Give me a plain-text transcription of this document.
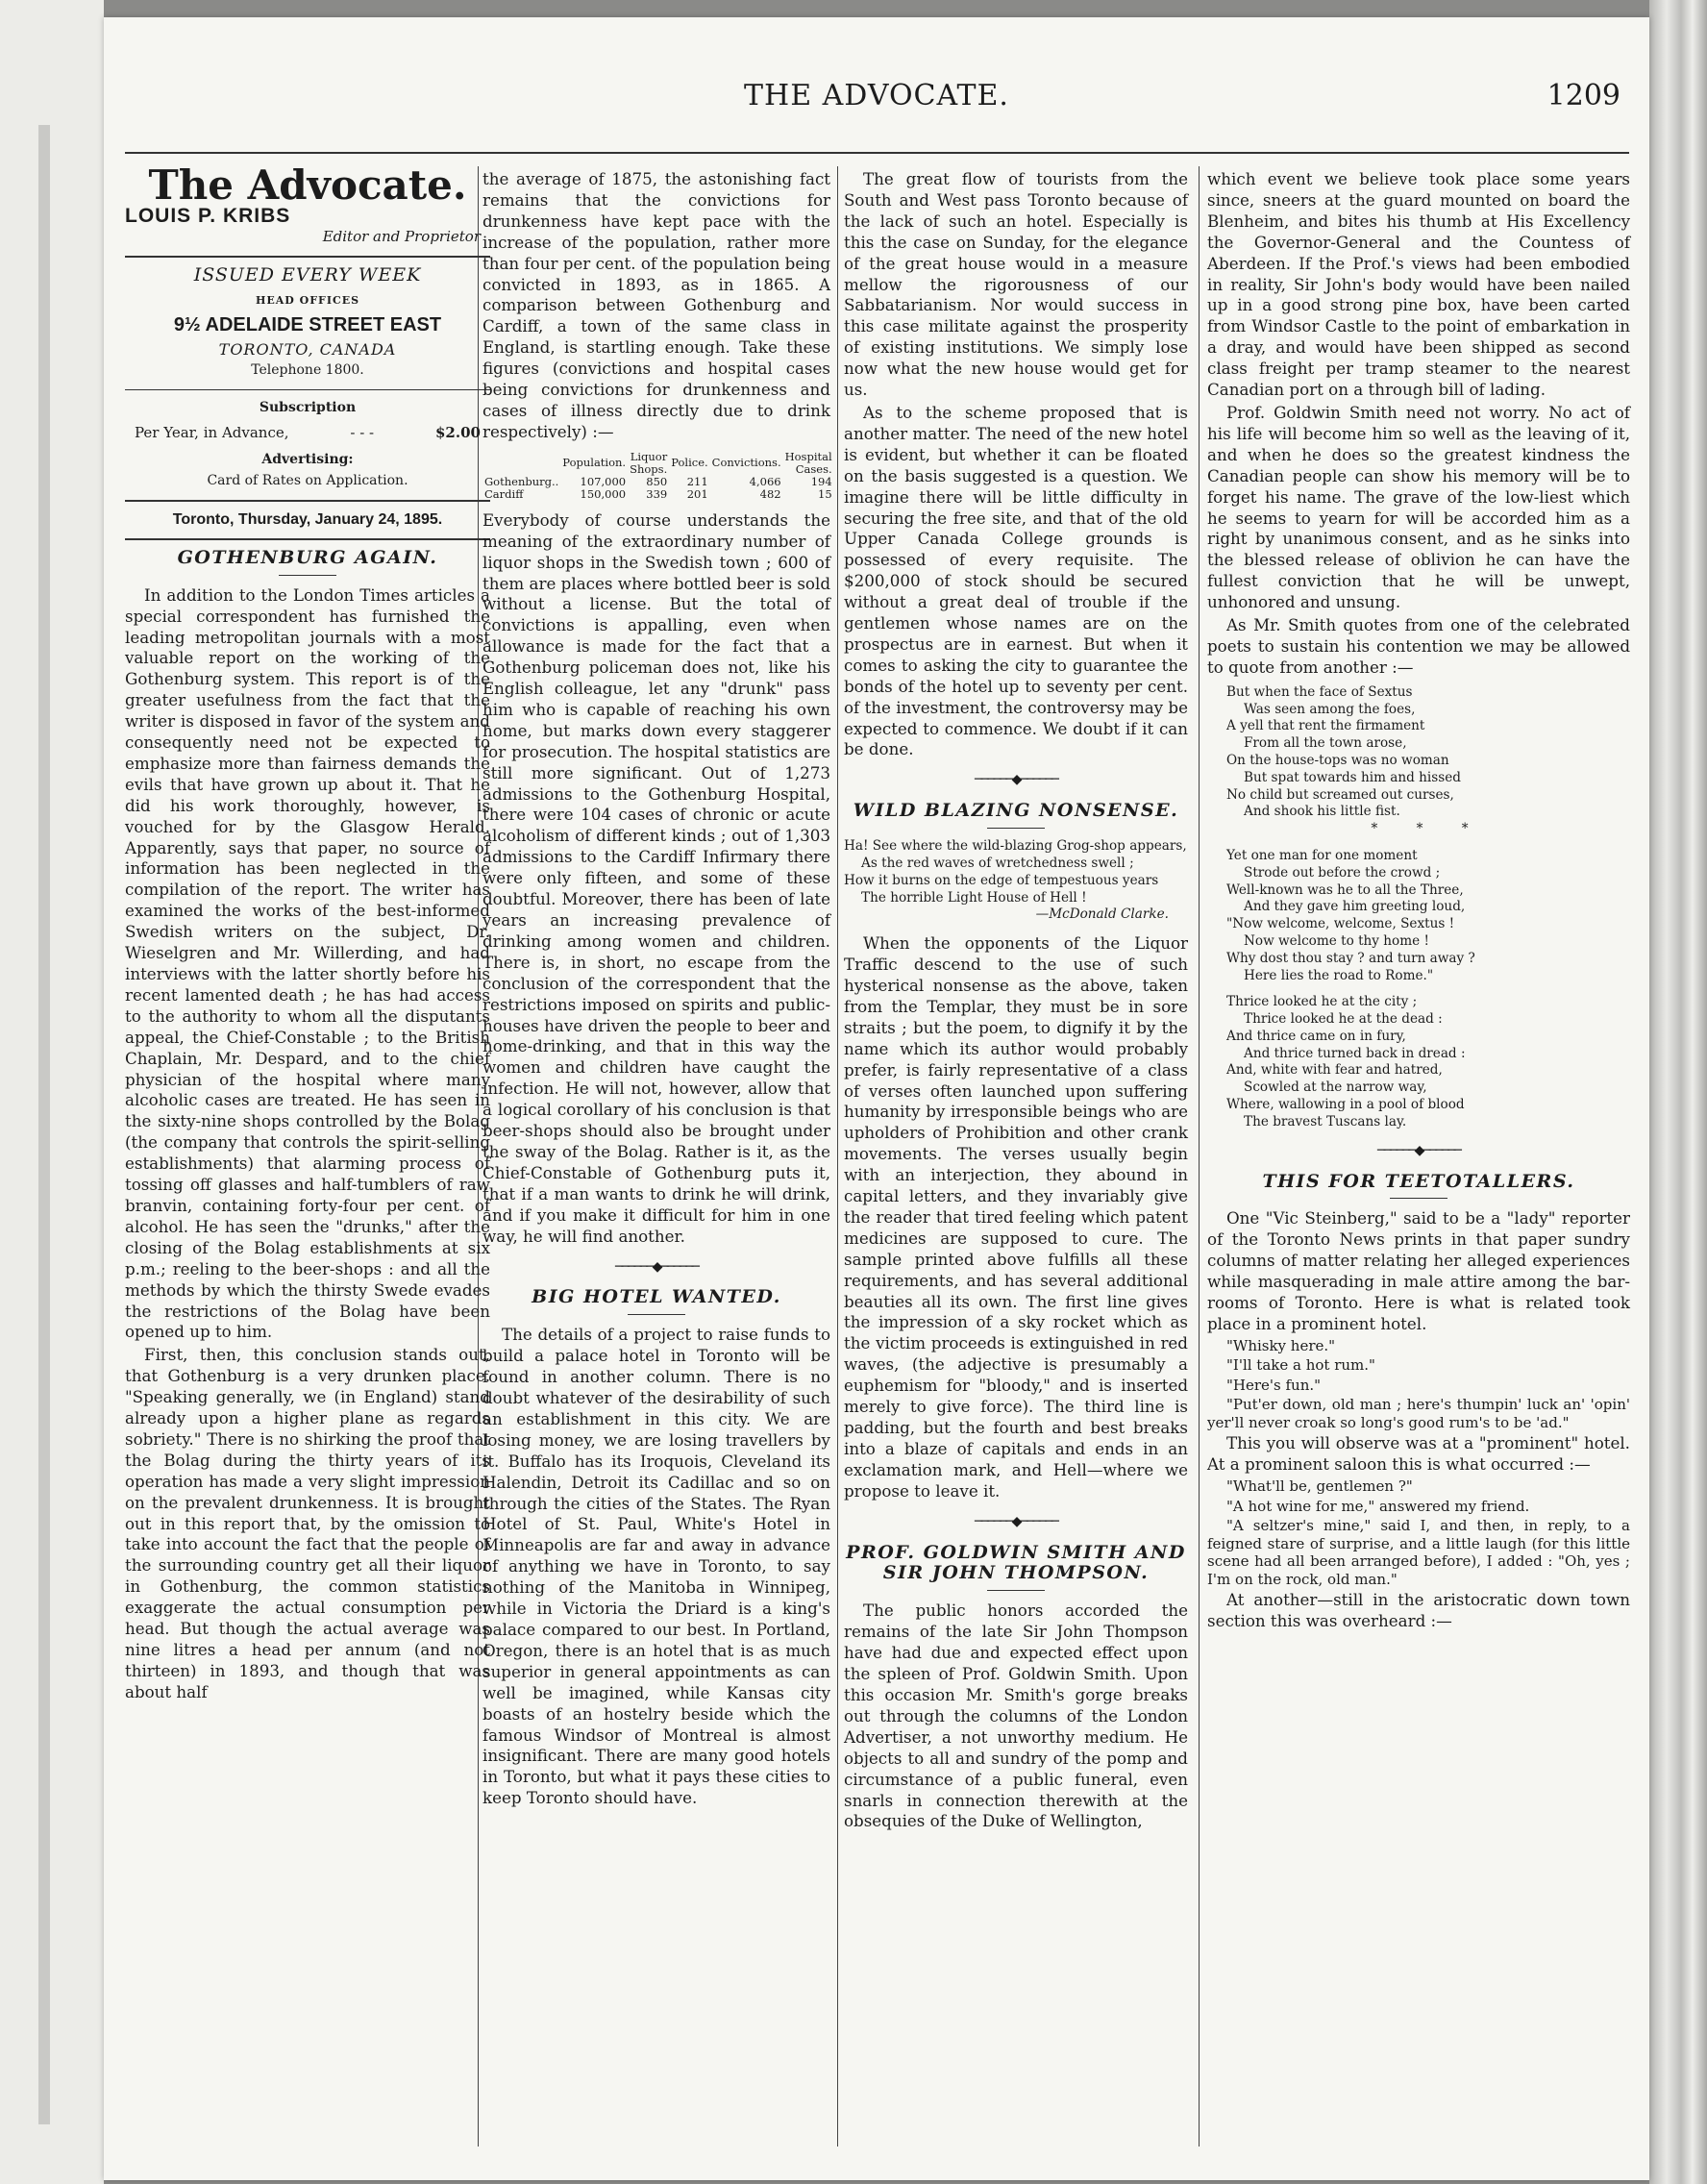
THE ADVOCATE.	1209
The Advocate.
LOUIS P. KRIBS
Editor and Proprietor
ISSUED EVERY WEEK
HEAD OFFICES
9½ ADELAIDE STREET EAST
TORONTO, CANADA
Telephone 1800.
Subscription
Per Year, in Advance,	- - -	$2.00
Advertising:
Card of Rates on Application.
Toronto, Thursday, January 24, 1895.

GOTHENBURG AGAIN.

In addition to the London Times articles a special correspondent has furnished the leading metropolitan journals with a most valuable report on the working of the Gothenburg system. This report is of the greater usefulness from the fact that the writer is disposed in favor of the system and consequently need not be expected to emphasize more than fairness demands the evils that have grown up about it. That he did his work thoroughly, however, is vouched for by the Glasgow Herald. Apparently, says that paper, no source of information has been neglected in the compilation of the report. The writer has examined the works of the best-informed Swedish writers on the subject, Dr. Wieselgren and Mr. Willerding, and had interviews with the latter shortly before his recent lamented death ; he has had access to the authority to whom all the disputants appeal, the Chief-Constable ; to the British Chaplain, Mr. Despard, and to the chief physician of the hospital where many alcoholic cases are treated. He has seen in the sixty-nine shops controlled by the Bolag (the company that controls the spirit-selling establishments) that alarming process of tossing off glasses and half-tumblers of raw branvin, containing forty-four per cent. of alcohol. He has seen the "drunks," after the closing of the Bolag establishments at six p.m.; reeling to the beer-shops : and all the methods by which the thirsty Swede evades the restrictions of the Bolag have been opened up to him.

First, then, this conclusion stands out, that Gothenburg is a very drunken place. "Speaking generally, we (in England) stand already upon a higher plane as regards sobriety." There is no shirking the proof that the Bolag during the thirty years of its operation has made a very slight impression on the prevalent drunkenness. It is brought out in this report that, by the omission to take into account the fact that the people of the surrounding country get all their liquor in Gothenburg, the common statistics exaggerate the actual consumption per head. But though the actual average was nine litres a head per annum (and not thirteen) in 1893, and though that was about half

the average of 1875, the astonishing fact remains that the convictions for drunkenness have kept pace with the increase of the population, rather more than four per cent. of the population being convicted in 1893, as in 1865. A comparison between Gothenburg and Cardiff, a town of the same class in England, is startling enough. Take these figures (convictions and hospital cases being convictions for drunkenness and cases of illness directly due to drink respectively) :—

	Population.	Liquor Shops.	Police.	Convictions.	Hospital Cases.
Gothenburg..	107,000	850	211	4,066	194
Cardiff	150,000	339	201	482	15

Everybody of course understands the meaning of the extraordinary number of liquor shops in the Swedish town ; 600 of them are places where bottled beer is sold without a license. But the total of convictions is appalling, even when allowance is made for the fact that a Gothenburg policeman does not, like his English colleague, let any "drunk" pass him who is capable of reaching his own home, but marks down every staggerer for prosecution. The hospital statistics are still more significant. Out of 1,273 admissions to the Gothenburg Hospital, there were 104 cases of chronic or acute alcoholism of different kinds ; out of 1,303 admissions to the Cardiff Infirmary there were only fifteen, and some of these doubtful. Moreover, there has been of late years an increasing prevalence of drinking among women and children. There is, in short, no escape from the conclusion of the correspondent that the restrictions imposed on spirits and public-houses have driven the people to beer and home-drinking, and that in this way the women and children have caught the infection. He will not, however, allow that a logical corollary of his conclusion is that beer-shops should also be brought under the sway of the Bolag. Rather is it, as the Chief-Constable of Gothenburg puts it, that if a man wants to drink he will drink, and if you make it difficult for him in one way, he will find another.

──────◆──────

BIG HOTEL WANTED.

The details of a project to raise funds to build a palace hotel in Toronto will be found in another column. There is no doubt whatever of the desirability of such an establishment in this city. We are losing money, we are losing travellers by it. Buffalo has its Iroquois, Cleveland its Halendin, Detroit its Cadillac and so on through the cities of the States. The Ryan Hotel of St. Paul, White's Hotel in Minneapolis are far and away in advance of anything we have in Toronto, to say nothing of the Manitoba in Winnipeg, while in Victoria the Driard is a king's palace compared to our best. In Portland, Oregon, there is an hotel that is as much superior in general appointments as can well be imagined, while Kansas city boasts of an hostelry beside which the famous Windsor of Montreal is almost insignificant. There are many good hotels in Toronto, but what it pays these cities to keep Toronto should have.

The great flow of tourists from the South and West pass Toronto because of the lack of such an hotel. Especially is this the case on Sunday, for the elegance of the great house would in a measure mellow the rigorousness of our Sabbatarianism. Nor would success in this case militate against the prosperity of existing institutions. We simply lose now what the new house would get for us.

As to the scheme proposed that is another matter. The need of the new hotel is evident, but whether it can be floated on the basis suggested is a question. We imagine there will be little difficulty in securing the free site, and that of the old Upper Canada College grounds is possessed of every requisite. The $200,000 of stock should be secured without a great deal of trouble if the gentlemen whose names are on the prospectus are in earnest. But when it comes to asking the city to guarantee the bonds of the hotel up to seventy per cent. of the investment, the controversy may be expected to commence. We doubt if it can be done.

──────◆──────

WILD BLAZING NONSENSE.

Ha! See where the wild-blazing Grog-shop appears,
As the red waves of wretchedness swell ;
How it burns on the edge of tempestuous years
The horrible Light House of Hell !
—McDonald Clarke.

When the opponents of the Liquor Traffic descend to the use of such hysterical nonsense as the above, taken from the Templar, they must be in sore straits ; but the poem, to dignify it by the name which its author would probably prefer, is fairly representative of a class of verses often launched upon suffering humanity by irresponsible beings who are upholders of Prohibition and other crank movements. The verses usually begin with an interjection, they abound in capital letters, and they invariably give the reader that tired feeling which patent medicines are supposed to cure. The sample printed above fulfills all these requirements, and has several additional beauties all its own. The first line gives the impression of a sky rocket which as the victim proceeds is extinguished in red waves, (the adjective is presumably a euphemism for "bloody," and is inserted merely to give force). The third line is padding, but the fourth and best breaks into a blaze of capitals and ends in an exclamation mark, and Hell—where we propose to leave it.

──────◆──────

PROF. GOLDWIN SMITH AND

SIR JOHN THOMPSON.

The public honors accorded the remains of the late Sir John Thompson have had due and expected effect upon the spleen of Prof. Goldwin Smith. Upon this occasion Mr. Smith's gorge breaks out through the columns of the London Advertiser, a not unworthy medium. He objects to all and sundry of the pomp and circumstance of a public funeral, even snarls in connection therewith at the obsequies of the Duke of Wellington,

which event we believe took place some years since, sneers at the guard mounted on board the Blenheim, and bites his thumb at His Excellency the Governor-General and the Countess of Aberdeen. If the Prof.'s views had been embodied in reality, Sir John's body would have been nailed up in a good strong pine box, have been carted from Windsor Castle to the point of embarkation in a dray, and would have been shipped as second class freight per tramp steamer to the nearest Canadian port on a through bill of lading.

Prof. Goldwin Smith need not worry. No act of his life will become him so well as the leaving of it, and when he does so the greatest kindness the Canadian people can show his memory will be to forget his name. The grave of the low-liest which he seems to yearn for will be accorded him as a right by unanimous consent, and as he sinks into the blessed release of oblivion he can have the fullest conviction that he will be unwept, unhonored and unsung.

As Mr. Smith quotes from one of the celebrated poets to sustain his contention we may be allowed to quote from another :—

But when the face of Sextus
Was seen among the foes,
A yell that rent the firmament
From all the town arose,
On the house-tops was no woman
But spat towards him and hissed
No child but screamed out curses,
And shook his little fist.
* * *
Yet one man for one moment
Strode out before the crowd ;
Well-known was he to all the Three,
And they gave him greeting loud,
"Now welcome, welcome, Sextus !
Now welcome to thy home !
Why dost thou stay ? and turn away ?
Here lies the road to Rome."
Thrice looked he at the city ;
Thrice looked he at the dead :
And thrice came on in fury,
And thrice turned back in dread :
And, white with fear and hatred,
Scowled at the narrow way,
Where, wallowing in a pool of blood
The bravest Tuscans lay.
──────◆──────

THIS FOR TEETOTALLERS.

One "Vic Steinberg," said to be a "lady" reporter of the Toronto News prints in that paper sundry columns of matter relating her alleged experiences while masquerading in male attire among the bar-rooms of Toronto. Here is what is related took place in a prominent hotel.

"Whisky here."

"I'll take a hot rum."

"Here's fun."

"Put'er down, old man ; here's thumpin' luck an' 'opin' yer'll never croak so long's good rum's to be 'ad."

This you will observe was at a "prominent" hotel. At a prominent saloon this is what occurred :—

"What'll be, gentlemen ?"

"A hot wine for me," answered my friend.

"A seltzer's mine," said I, and then, in reply, to a feigned stare of surprise, and a little laugh (for this little scene had all been arranged before), I added : "Oh, yes ; I'm on the rock, old man."

At another—still in the aristocratic down town section this was overheard :—
